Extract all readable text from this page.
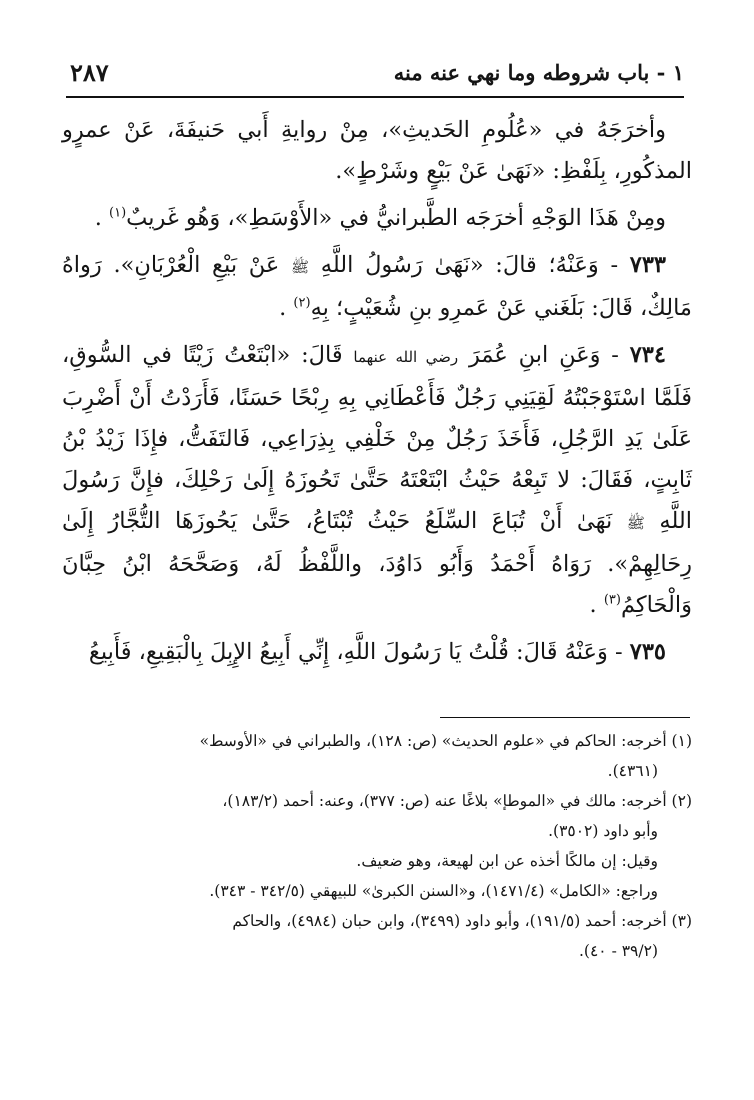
١ - باب شروطه وما نهي عنه منه
٢٨٧

وأخرَجَهُ في «عُلُومِ الحَديثِ»، مِنْ روايةِ أَبي حَنيفَةَ، عَنْ عمرٍو المذكُورِ، بِلَفْظِ: «نَهَىٰ عَنْ بَيْعٍ وشَرْطٍ».

ومِنْ هَذَا الوَجْهِ أخرَجَه الطَّبرانيُّ في «الأَوْسَطِ»، وَهُو غَريبٌ$^{(١)}$ .

٧٣٣ - وَعَنْهُ؛ قالَ: «نَهَىٰ رَسُولُ اللَّهِ ﷺ عَنْ بَيْعِ الْعُرْبَانِ». رَواهُ مَالِكٌ، قَالَ: بَلَغَني عَنْ عَمرِو بنِ شُعَيْبٍ؛ بِهِ$^{(٢)}$ .

٧٣٤ - وَعَنِ ابنِ عُمَرَ رضي الله عنهما قَالَ: «ابْتَعْتُ زَيْتًا في السُّوقِ، فَلَمَّا اسْتَوْجَبْتُهُ لَقِيَنِي رَجُلٌ فَأَعْطَانِي بِهِ رِبْحًا حَسَنًا، فَأَرَدْتُ أَنْ أَضْرِبَ عَلَىٰ يَدِ الرَّجُلِ، فَأَخَذَ رَجُلٌ مِنْ خَلْفِي بِذِرَاعِي، فَالتَفَتُّ، فإِذَا زَيْدُ بْنُ ثَابِتٍ، فَقَالَ: لا تَبِعْهُ حَيْثُ ابْتَعْتَهُ حَتَّىٰ تَحُوزَهُ إِلَىٰ رَحْلِكَ، فإِنَّ رَسُولَ اللَّهِ ﷺ نَهَىٰ أَنْ تُبَاعَ السِّلَعُ حَيْثُ تُبْتَاعُ، حَتَّىٰ يَحُوزَهَا التُّجَّارُ إِلَىٰ رِحَالِهِمْ». رَوَاهُ أَحْمَدُ وَأَبُو دَاوُدَ، واللَّفْظُ لَهُ، وَصَحَّحَهُ ابْنُ حِبَّانَ وَالْحَاكِمُ$^{(٣)}$ .

٧٣٥ - وَعَنْهُ قَالَ: قُلْتُ يَا رَسُولَ اللَّهِ، إِنِّي أَبِيعُ الإِبِلَ بِالْبَقِيعِ، فَأَبِيعُ

(١) أخرجه: الحاكم في «علوم الحديث» (ص: ١٢٨)، والطبراني في «الأوسط»
(٤٣٦١).

(٢) أخرجه: مالك في «الموطإ» بلاغًا عنه (ص: ٣٧٧)، وعنه: أحمد (١٨٣/٢)،
وأبو داود (٣٥٠٢).

وقيل: إن مالكًا أخذه عن ابن لهيعة، وهو ضعيف.

وراجع: «الكامل» (١٤٧١/٤)، و«السنن الكبرىٰ» للبيهقي (٣٤٢/٥ - ٣٤٣).

(٣) أخرجه: أحمد (١٩١/٥)، وأبو داود (٣٤٩٩)، وابن حبان (٤٩٨٤)، والحاكم
(٣٩/٢ - ٤٠).
